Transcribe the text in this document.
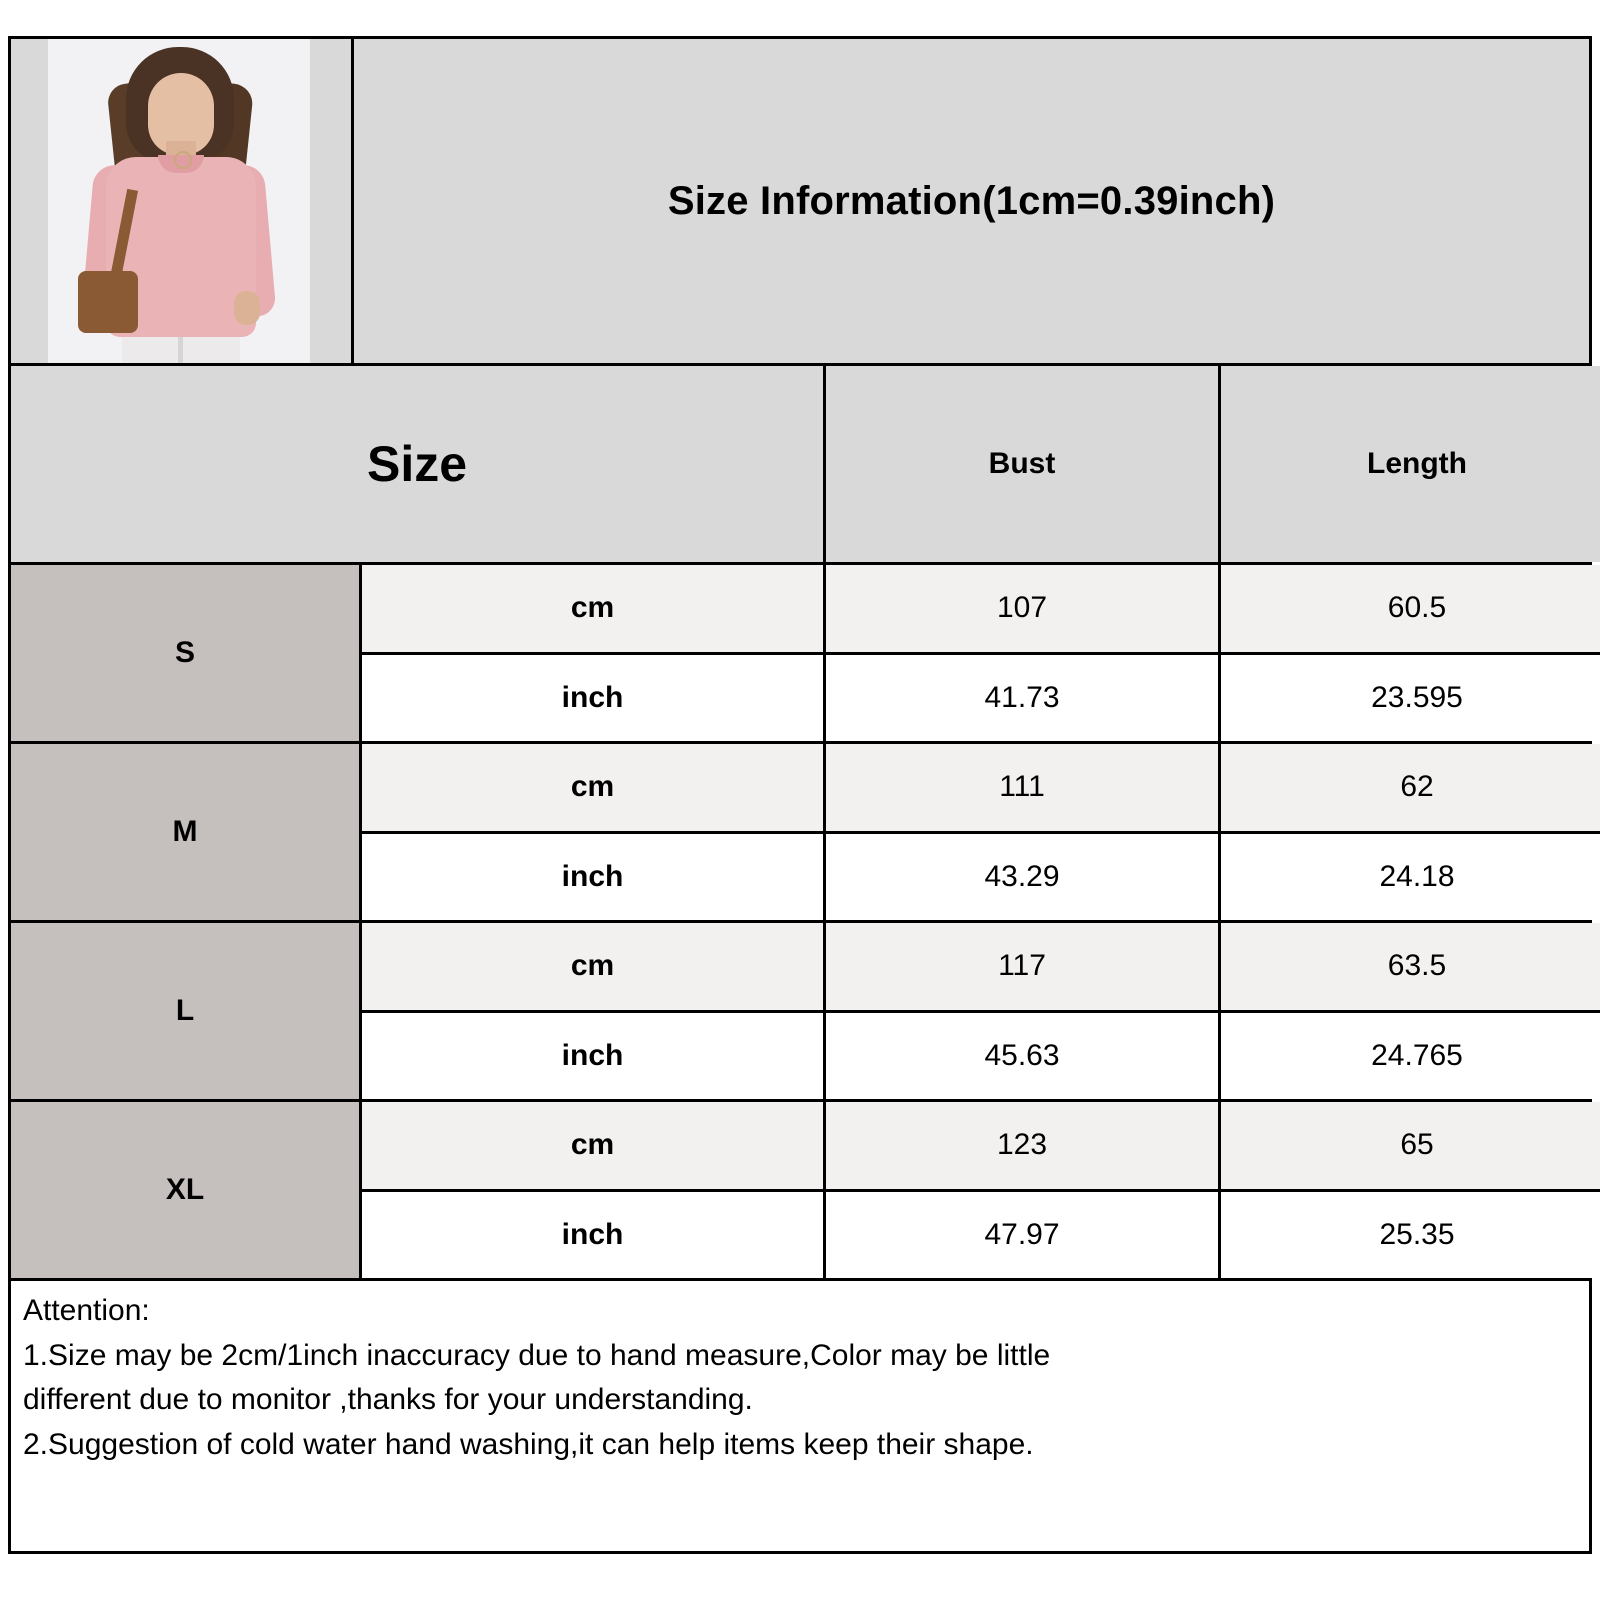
Size Information(1cm=0.39inch)
Size	Bust	Length
S
cm	107	60.5
inch	41.73	23.595
M
cm	111	62
inch	43.29	24.18
L
cm	117	63.5
inch	45.63	24.765
XL
cm	123	65
inch	47.97	25.35

Attention:

1.Size may be 2cm/1inch inaccuracy due to hand measure,Color may be little

different due to monitor ,thanks for your understanding.

2.Suggestion of cold water hand washing,it can help items keep their shape.
